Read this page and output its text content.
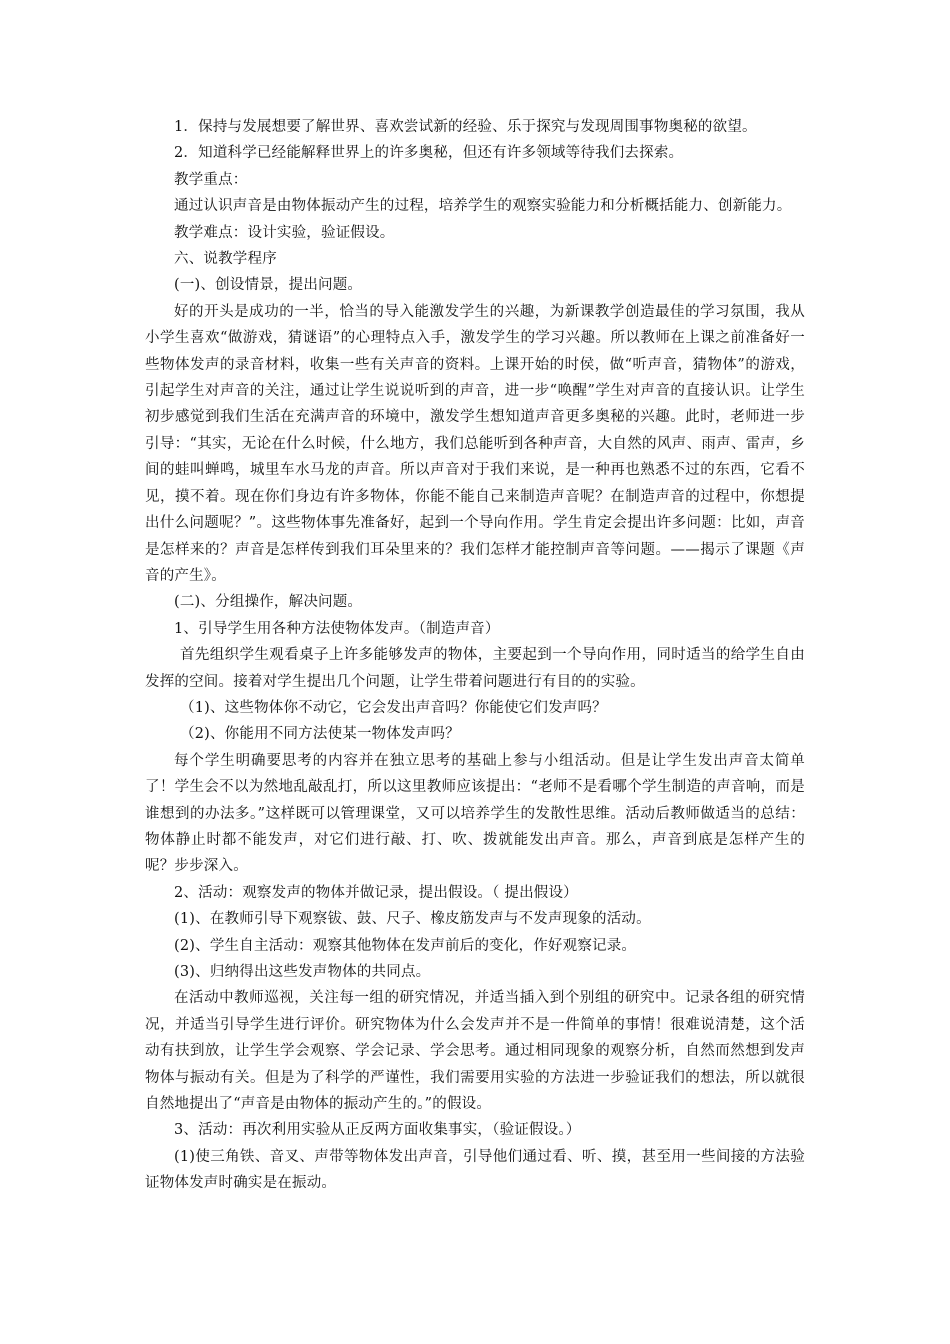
1．保持与发展想要了解世界、喜欢尝试新的经验、乐于探究与发现周围事物奥秘的欲望。

2．知道科学已经能解释世界上的许多奥秘，但还有许多领域等待我们去探索。

教学重点：

通过认识声音是由物体振动产生的过程，培养学生的观察实验能力和分析概括能力、创新能力。

教学难点：设计实验，验证假设。

六、说教学程序

(一)、创设情景，提出问题。

好的开头是成功的一半，恰当的导入能激发学生的兴趣，为新课教学创造最佳的学习氛围，我从小学生喜欢“做游戏，猜谜语”的心理特点入手，激发学生的学习兴趣。所以教师在上课之前准备好一些物体发声的录音材料，收集一些有关声音的资料。上课开始的时侯，做“听声音，猜物体”的游戏，引起学生对声音的关注，通过让学生说说听到的声音，进一步“唤醒”学生对声音的直接认识。让学生初步感觉到我们生活在充满声音的环境中，激发学生想知道声音更多奥秘的兴趣。此时，老师进一步引导：“其实，无论在什么时候，什么地方，我们总能听到各种声音，大自然的风声、雨声、雷声，乡间的蛙叫蝉鸣，城里车水马龙的声音。所以声音对于我们来说，是一种再也熟悉不过的东西，它看不见，摸不着。现在你们身边有许多物体，你能不能自己来制造声音呢？在制造声音的过程中，你想提出什么问题呢？”。这些物体事先准备好，起到一个导向作用。学生肯定会提出许多问题：比如，声音是怎样来的？声音是怎样传到我们耳朵里来的？我们怎样才能控制声音等问题。——揭示了课题《声音的产生》。

(二)、分组操作，解决问题。

1、引导学生用各种方法使物体发声。（制造声音）

首先组织学生观看桌子上许多能够发声的物体，主要起到一个导向作用，同时适当的给学生自由发挥的空间。接着对学生提出几个问题，让学生带着问题进行有目的的实验。

（1)、这些物体你不动它，它会发出声音吗？你能使它们发声吗？

（2)、你能用不同方法使某一物体发声吗？

每个学生明确要思考的内容并在独立思考的基础上参与小组活动。但是让学生发出声音太简单了！学生会不以为然地乱敲乱打，所以这里教师应该提出：“老师不是看哪个学生制造的声音响，而是谁想到的办法多。”这样既可以管理课堂，又可以培养学生的发散性思维。活动后教师做适当的总结：物体静止时都不能发声，对它们进行敲、打、吹、拨就能发出声音。那么，声音到底是怎样产生的呢？步步深入。

2、活动：观察发声的物体并做记录，提出假设。（ 提出假设）

(1)、在教师引导下观察钹、鼓、尺子、橡皮筋发声与不发声现象的活动。

(2)、学生自主活动：观察其他物体在发声前后的变化，作好观察记录。

(3)、归纳得出这些发声物体的共同点。

在活动中教师巡视，关注每一组的研究情况，并适当插入到个别组的研究中。记录各组的研究情况，并适当引导学生进行评价。研究物体为什么会发声并不是一件简单的事情！很难说清楚，这个活动有扶到放，让学生学会观察、学会记录、学会思考。通过相同现象的观察分析，自然而然想到发声物体与振动有关。但是为了科学的严谨性，我们需要用实验的方法进一步验证我们的想法，所以就很自然地提出了“声音是由物体的振动产生的。”的假设。

3、活动：再次利用实验从正反两方面收集事实，（验证假设。）

(1)使三角铁、音叉、声带等物体发出声音，引导他们通过看、听、摸，甚至用一些间接的方法验证物体发声时确实是在振动。
